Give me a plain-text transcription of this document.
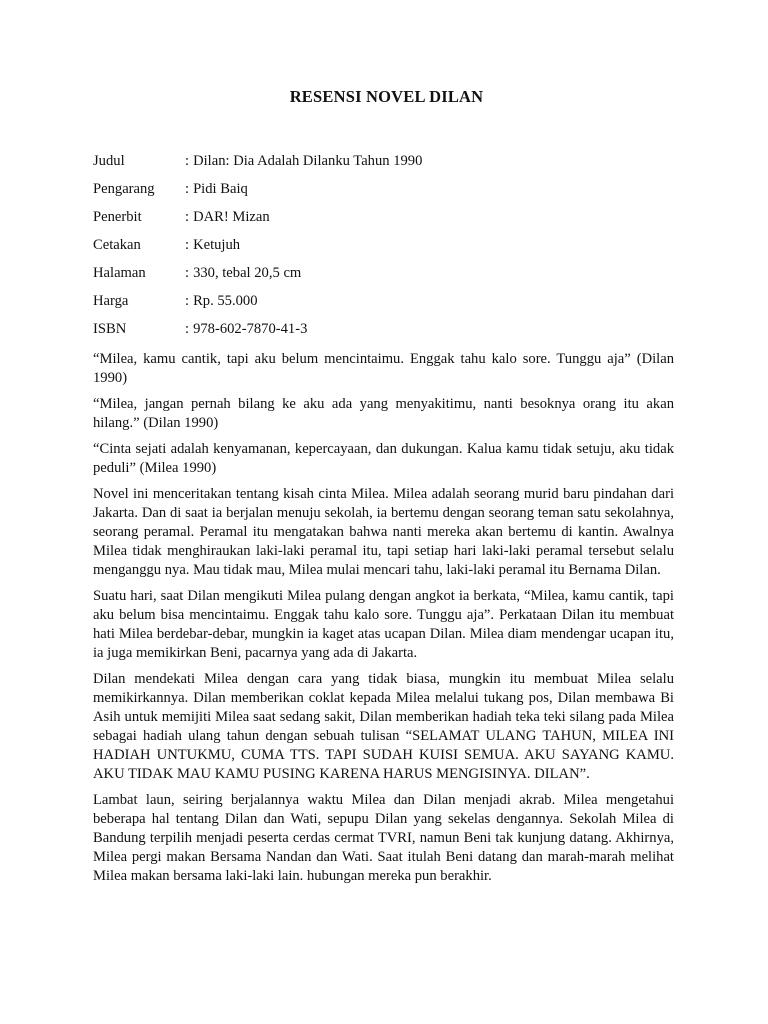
RESENSI NOVEL DILAN
Judul	: Dilan: Dia Adalah Dilanku Tahun 1990
Pengarang	: Pidi Baiq
Penerbit	: DAR! Mizan
Cetakan	: Ketujuh
Halaman	: 330, tebal 20,5 cm
Harga	: Rp. 55.000
ISBN	: 978-602-7870-41-3

“Milea, kamu cantik, tapi aku belum mencintaimu. Enggak tahu kalo sore. Tunggu aja” (Dilan 1990)

“Milea, jangan pernah bilang ke aku ada yang menyakitimu, nanti besoknya orang itu akan hilang.” (Dilan 1990)

“Cinta sejati adalah kenyamanan, kepercayaan, dan dukungan. Kalua kamu tidak setuju, aku tidak peduli” (Milea 1990)

Novel ini menceritakan tentang kisah cinta Milea. Milea adalah seorang murid baru pindahan dari Jakarta. Dan di saat ia berjalan menuju sekolah, ia bertemu dengan seorang teman satu sekolahnya, seorang peramal. Peramal itu mengatakan bahwa nanti mereka akan bertemu di kantin. Awalnya Milea tidak menghiraukan laki-laki peramal itu, tapi setiap hari laki-laki peramal tersebut selalu menganggu nya. Mau tidak mau, Milea mulai mencari tahu, laki-laki peramal itu Bernama Dilan.

Suatu hari, saat Dilan mengikuti Milea pulang dengan angkot ia berkata, “Milea, kamu cantik, tapi aku belum bisa mencintaimu. Enggak tahu kalo sore. Tunggu aja”. Perkataan Dilan itu membuat hati Milea berdebar-debar, mungkin ia kaget atas ucapan Dilan. Milea diam mendengar ucapan itu, ia juga memikirkan Beni, pacarnya yang ada di Jakarta.

Dilan mendekati Milea dengan cara yang tidak biasa, mungkin itu membuat Milea selalu memikirkannya. Dilan memberikan coklat kepada Milea melalui tukang pos, Dilan membawa Bi Asih untuk memijiti Milea saat sedang sakit, Dilan memberikan hadiah teka teki silang pada Milea sebagai hadiah ulang tahun dengan sebuah tulisan “SELAMAT ULANG TAHUN, MILEA INI HADIAH UNTUKMU, CUMA TTS. TAPI SUDAH KUISI SEMUA. AKU SAYANG KAMU. AKU TIDAK MAU KAMU PUSING KARENA HARUS MENGISINYA. DILAN”.

Lambat laun, seiring berjalannya waktu Milea dan Dilan menjadi akrab. Milea mengetahui beberapa hal tentang Dilan dan Wati, sepupu Dilan yang sekelas dengannya. Sekolah Milea di Bandung terpilih menjadi peserta cerdas cermat TVRI, namun Beni tak kunjung datang. Akhirnya, Milea pergi makan Bersama Nandan dan Wati. Saat itulah Beni datang dan marah-marah melihat Milea makan bersama laki-laki lain. hubungan mereka pun berakhir.
